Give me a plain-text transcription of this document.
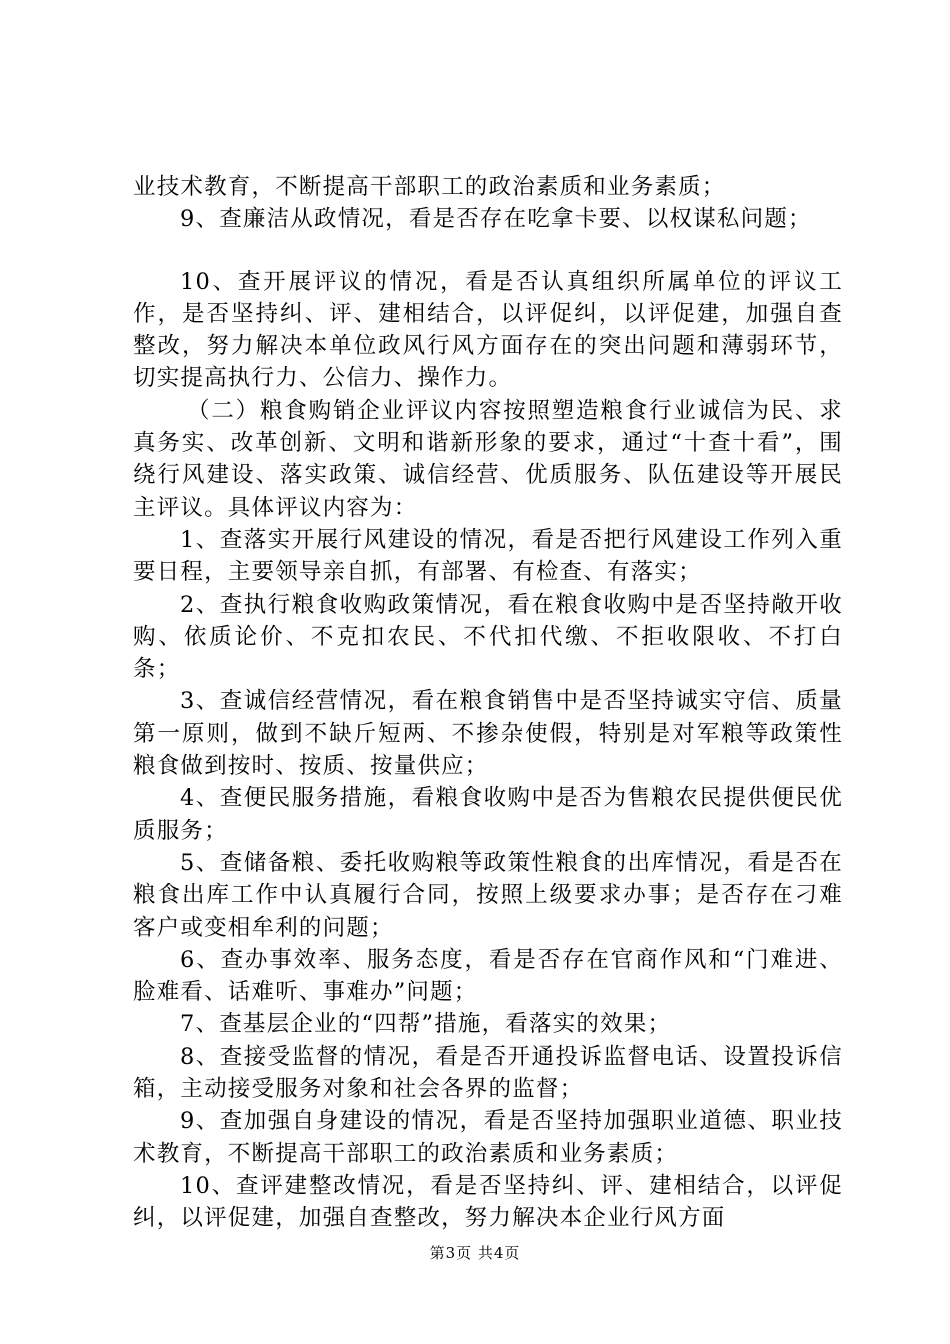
业技术教育，不断提高干部职工的政治素质和业务素质；

9、查廉洁从政情况，看是否存在吃拿卡要、以权谋私问题；

10、查开展评议的情况，看是否认真组织所属单位的评议工作，是否坚持纠、评、建相结合，以评促纠，以评促建，加强自查整改，努力解决本单位政风行风方面存在的突出问题和薄弱环节，切实提高执行力、公信力、操作力。

（二）粮食购销企业评议内容按照塑造粮食行业诚信为民、求真务实、改革创新、文明和谐新形象的要求，通过“十查十看”，围绕行风建设、落实政策、诚信经营、优质服务、队伍建设等开展民主评议。具体评议内容为：

1、查落实开展行风建设的情况，看是否把行风建设工作列入重要日程，主要领导亲自抓，有部署、有检查、有落实；

2、查执行粮食收购政策情况，看在粮食收购中是否坚持敞开收购、依质论价、不克扣农民、不代扣代缴、不拒收限收、不打白条；

3、查诚信经营情况，看在粮食销售中是否坚持诚实守信、质量第一原则，做到不缺斤短两、不掺杂使假，特别是对军粮等政策性粮食做到按时、按质、按量供应；

4、查便民服务措施，看粮食收购中是否为售粮农民提供便民优质服务；

5、查储备粮、委托收购粮等政策性粮食的出库情况，看是否在粮食出库工作中认真履行合同，按照上级要求办事；是否存在刁难客户或变相牟利的问题；

6、查办事效率、服务态度，看是否存在官商作风和“门难进、脸难看、话难听、事难办”问题；

7、查基层企业的“四帮”措施，看落实的效果；

8、查接受监督的情况，看是否开通投诉监督电话、设置投诉信箱，主动接受服务对象和社会各界的监督；

9、查加强自身建设的情况，看是否坚持加强职业道德、职业技术教育，不断提高干部职工的政治素质和业务素质；

10、查评建整改情况，看是否坚持纠、评、建相结合，以评促纠，以评促建，加强自查整改，努力解决本企业行风方面

第3页 共4页
